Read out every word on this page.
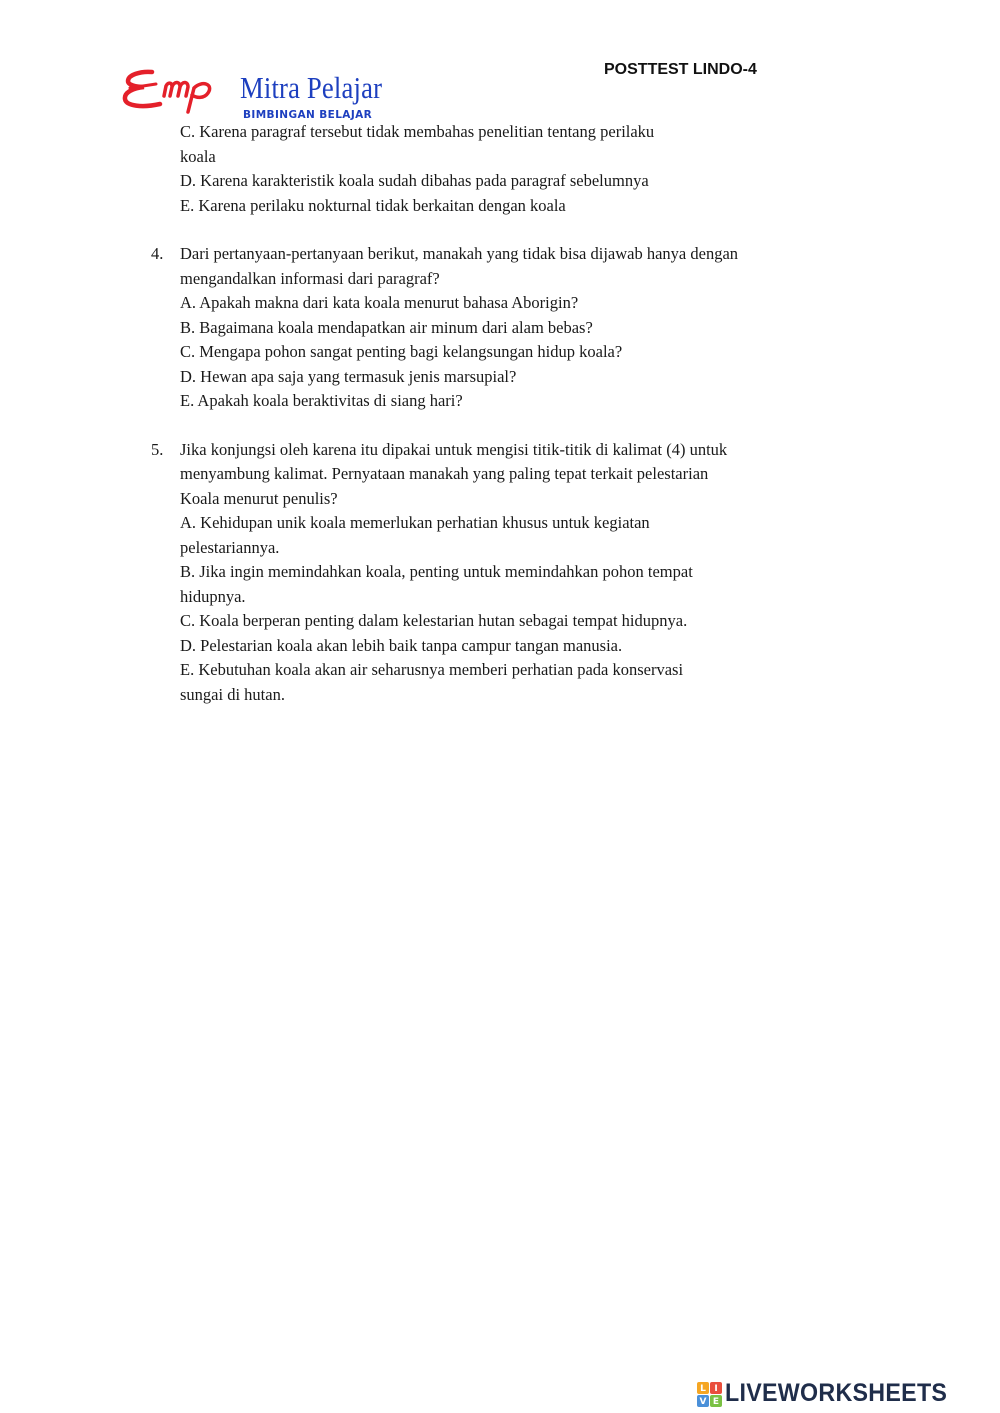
POSTTEST LINDO-4
Mitra Pelajar
BIMBINGAN BELAJAR
C. Karena paragraf tersebut tidak membahas penelitian tentang perilaku
koala
D. Karena karakteristik koala sudah dibahas pada paragraf sebelumnya
E. Karena perilaku nokturnal tidak berkaitan dengan koala
4. Dari pertanyaan-pertanyaan berikut, manakah yang tidak bisa dijawab hanya dengan
mengandalkan informasi dari paragraf?
A. Apakah makna dari kata koala menurut bahasa Aborigin?
B. Bagaimana koala mendapatkan air minum dari alam bebas?
C. Mengapa pohon sangat penting bagi kelangsungan hidup koala?
D. Hewan apa saja yang termasuk jenis marsupial?
E. Apakah koala beraktivitas di siang hari?
5. Jika konjungsi oleh karena itu dipakai untuk mengisi titik-titik di kalimat (4) untuk
menyambung kalimat. Pernyataan manakah yang paling tepat terkait pelestarian
Koala menurut penulis?
A. Kehidupan unik koala memerlukan perhatian khusus untuk kegiatan
pelestariannya.
B. Jika ingin memindahkan koala, penting untuk memindahkan pohon tempat
hidupnya.
C. Koala berperan penting dalam kelestarian hutan sebagai tempat hidupnya.
D. Pelestarian koala akan lebih baik tanpa campur tangan manusia.
E. Kebutuhan koala akan air seharusnya memberi perhatian pada konservasi
sungai di hutan.
L I
V E LIVEWORKSHEETS
